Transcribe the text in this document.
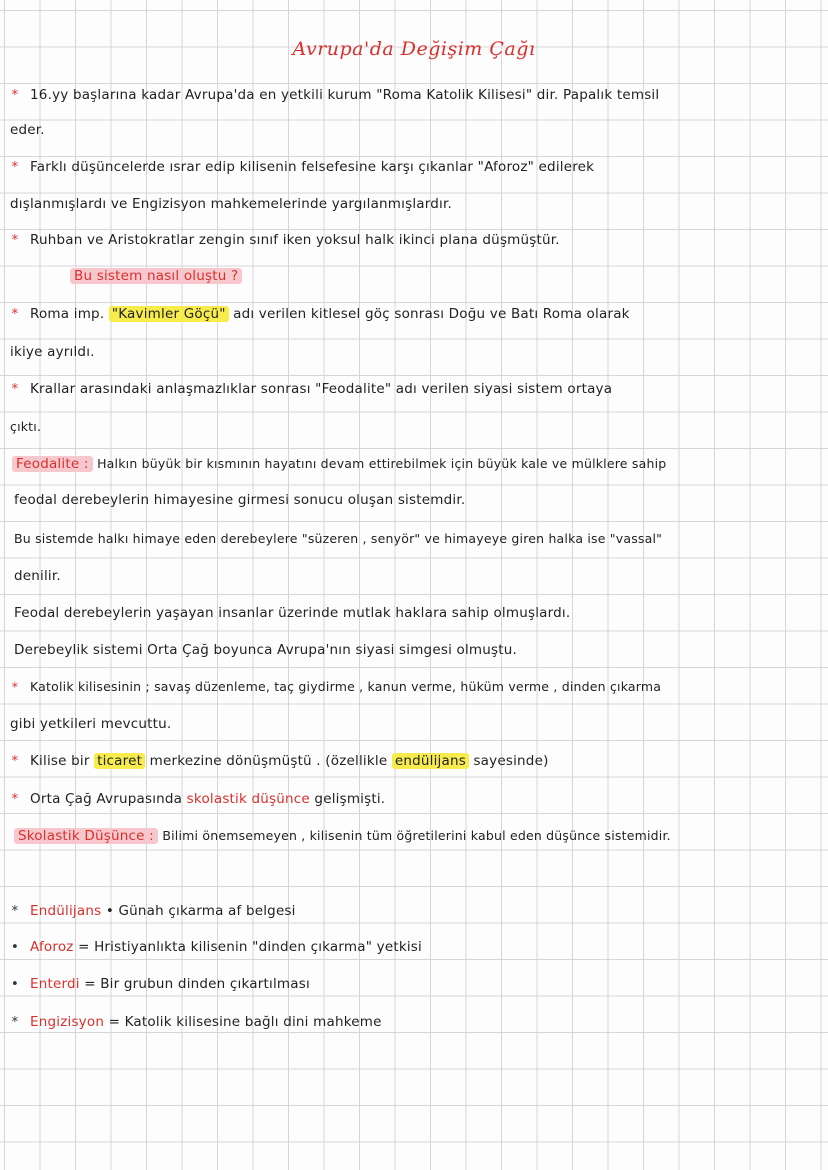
Avrupa'da Değişim Çağı
* 16.yy başlarına kadar Avrupa'da en yetkili kurum "Roma Katolik Kilisesi" dir. Papalık temsil
eder.
* Farklı düşüncelerde ısrar edip kilisenin felsefesine karşı çıkanlar "Aforoz" edilerek
dışlanmışlardı ve Engizisyon mahkemelerinde yargılanmışlardır.
* Ruhban ve Aristokratlar zengin sınıf iken yoksul halk ikinci plana düşmüştür.
Bu sistem nasıl oluştu ?
* Roma imp. "Kavimler Göçü" adı verilen kitlesel göç sonrası Doğu ve Batı Roma olarak
ikiye ayrıldı.
* Krallar arasındaki anlaşmazlıklar sonrası "Feodalite" adı verilen siyasi sistem ortaya
çıktı.
Feodalite : Halkın büyük bir kısmının hayatını devam ettirebilmek için büyük kale ve mülklere sahip
feodal derebeylerin himayesine girmesi sonucu oluşan sistemdir.
Bu sistemde halkı himaye eden derebeylere "süzeren , senyör" ve himayeye giren halka ise "vassal"
denilir.
Feodal derebeylerin yaşayan insanlar üzerinde mutlak haklara sahip olmuşlardı.
Derebeylik sistemi Orta Çağ boyunca Avrupa'nın siyasi simgesi olmuştu.
* Katolik kilisesinin ; savaş düzenleme, taç giydirme , kanun verme, hüküm verme , dinden çıkarma
gibi yetkileri mevcuttu.
* Kilise bir ticaret merkezine dönüşmüştü . (özellikle endülijans sayesinde)
* Orta Çağ Avrupasında skolastik düşünce gelişmişti.
Skolastik Düşünce : Bilimi önemsemeyen , kilisenin tüm öğretilerini kabul eden düşünce sistemidir.
* Endülijans • Günah çıkarma af belgesi
• Aforoz = Hristiyanlıkta kilisenin "dinden çıkarma" yetkisi
• Enterdi = Bir grubun dinden çıkartılması
* Engizisyon = Katolik kilisesine bağlı dini mahkeme
